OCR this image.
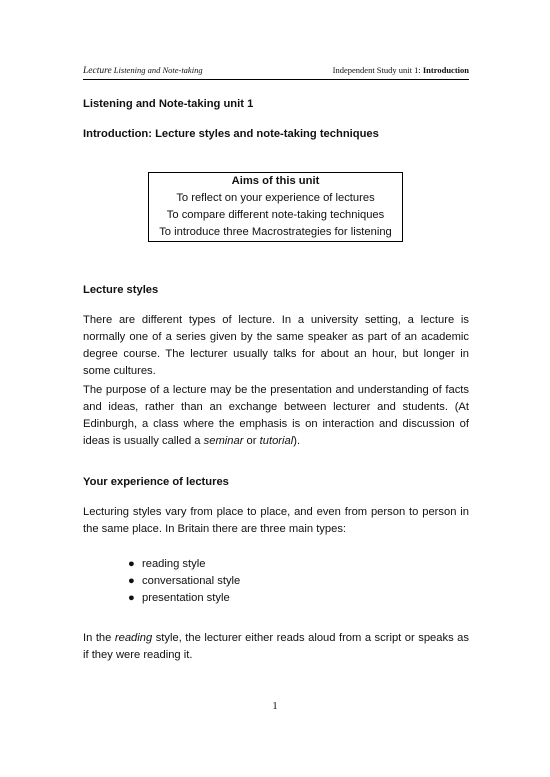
Lecture Listening and Note-taking	Independent Study unit 1: Introduction
Listening and Note-taking unit 1
Introduction: Lecture styles and note-taking techniques
Aims of this unit
To reflect on your experience of lectures
To compare different note-taking techniques
To introduce three Macrostrategies for listening
Lecture styles
There are different types of lecture. In a university setting, a lecture is normally one of a series given by the same speaker as part of an academic degree course. The lecturer usually talks for about an hour, but longer in some cultures.
The purpose of a lecture may be the presentation and understanding of facts and ideas, rather than an exchange between lecturer and students. (At Edinburgh, a class where the emphasis is on interaction and discussion of ideas is usually called a seminar or tutorial).
Your experience of lectures
Lecturing styles vary from place to place, and even from person to person in the same place. In Britain there are three main types:
● reading style
● conversational style
● presentation style
In the reading style, the lecturer either reads aloud from a script or speaks as if they were reading it.
1
